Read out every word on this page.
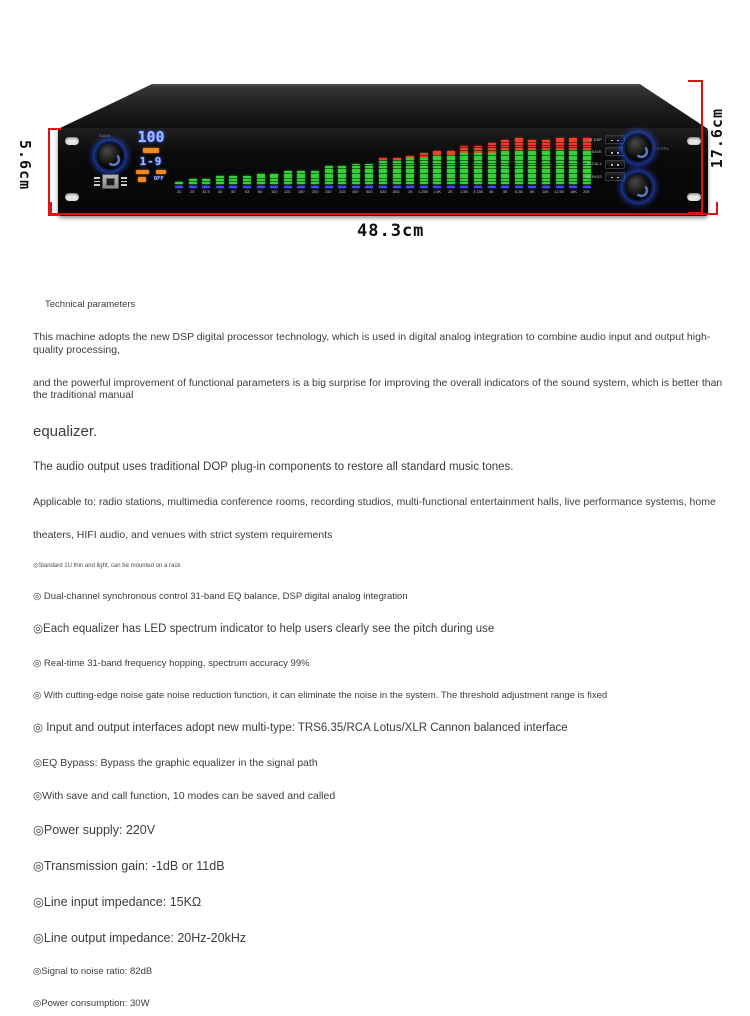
GAIN	100
1-9

OFF
20 25 31.5 40 50 63 80 100 125 160 200 250 315 400 500 630 800 1K 1.25K 1.6K 2K 2.5K 3.15K 4K 5K 6.3K 8K 10K 12.5K 16K 20K
A.DSP
SAVE
RECALL
BYPASS
CTRL
5.6cm	17.6cm
48.3cm

Technical parameters

This machine adopts the new DSP digital processor technology, which is used in digital analog integration to combine audio input and output high-quality processing,

and the powerful improvement of functional parameters is a big surprise for improving the overall indicators of the sound system, which is better than the traditional manual

equalizer.

The audio output uses traditional DOP plug-in components to restore all standard music tones.

Applicable to: radio stations, multimedia conference rooms, recording studios, multi-functional entertainment halls, live performance systems, home

theaters, HIFI audio, and venues with strict system requirements

◎Standard 1U thin and light, can be mounted on a rack

◎ Dual-channel synchronous control 31-band EQ balance, DSP digital analog integration

◎Each equalizer has LED spectrum indicator to help users clearly see the pitch during use

◎ Real-time 31-band frequency hopping, spectrum accuracy 99%

◎ With cutting-edge noise gate noise reduction function, it can eliminate the noise in the system. The threshold adjustment range is fixed

◎ Input and output interfaces adopt new multi-type: TRS6.35/RCA Lotus/XLR Cannon balanced interface

◎EQ Bypass: Bypass the graphic equalizer in the signal path

◎With save and call function, 10 modes can be saved and called

◎Power supply: 220V

◎Transmission gain: -1dB or 11dB

◎Line input impedance: 15KΩ

◎Line output impedance: 20Hz-20kHz

◎Signal to noise ratio: 82dB

◎Power consumption: 30W
